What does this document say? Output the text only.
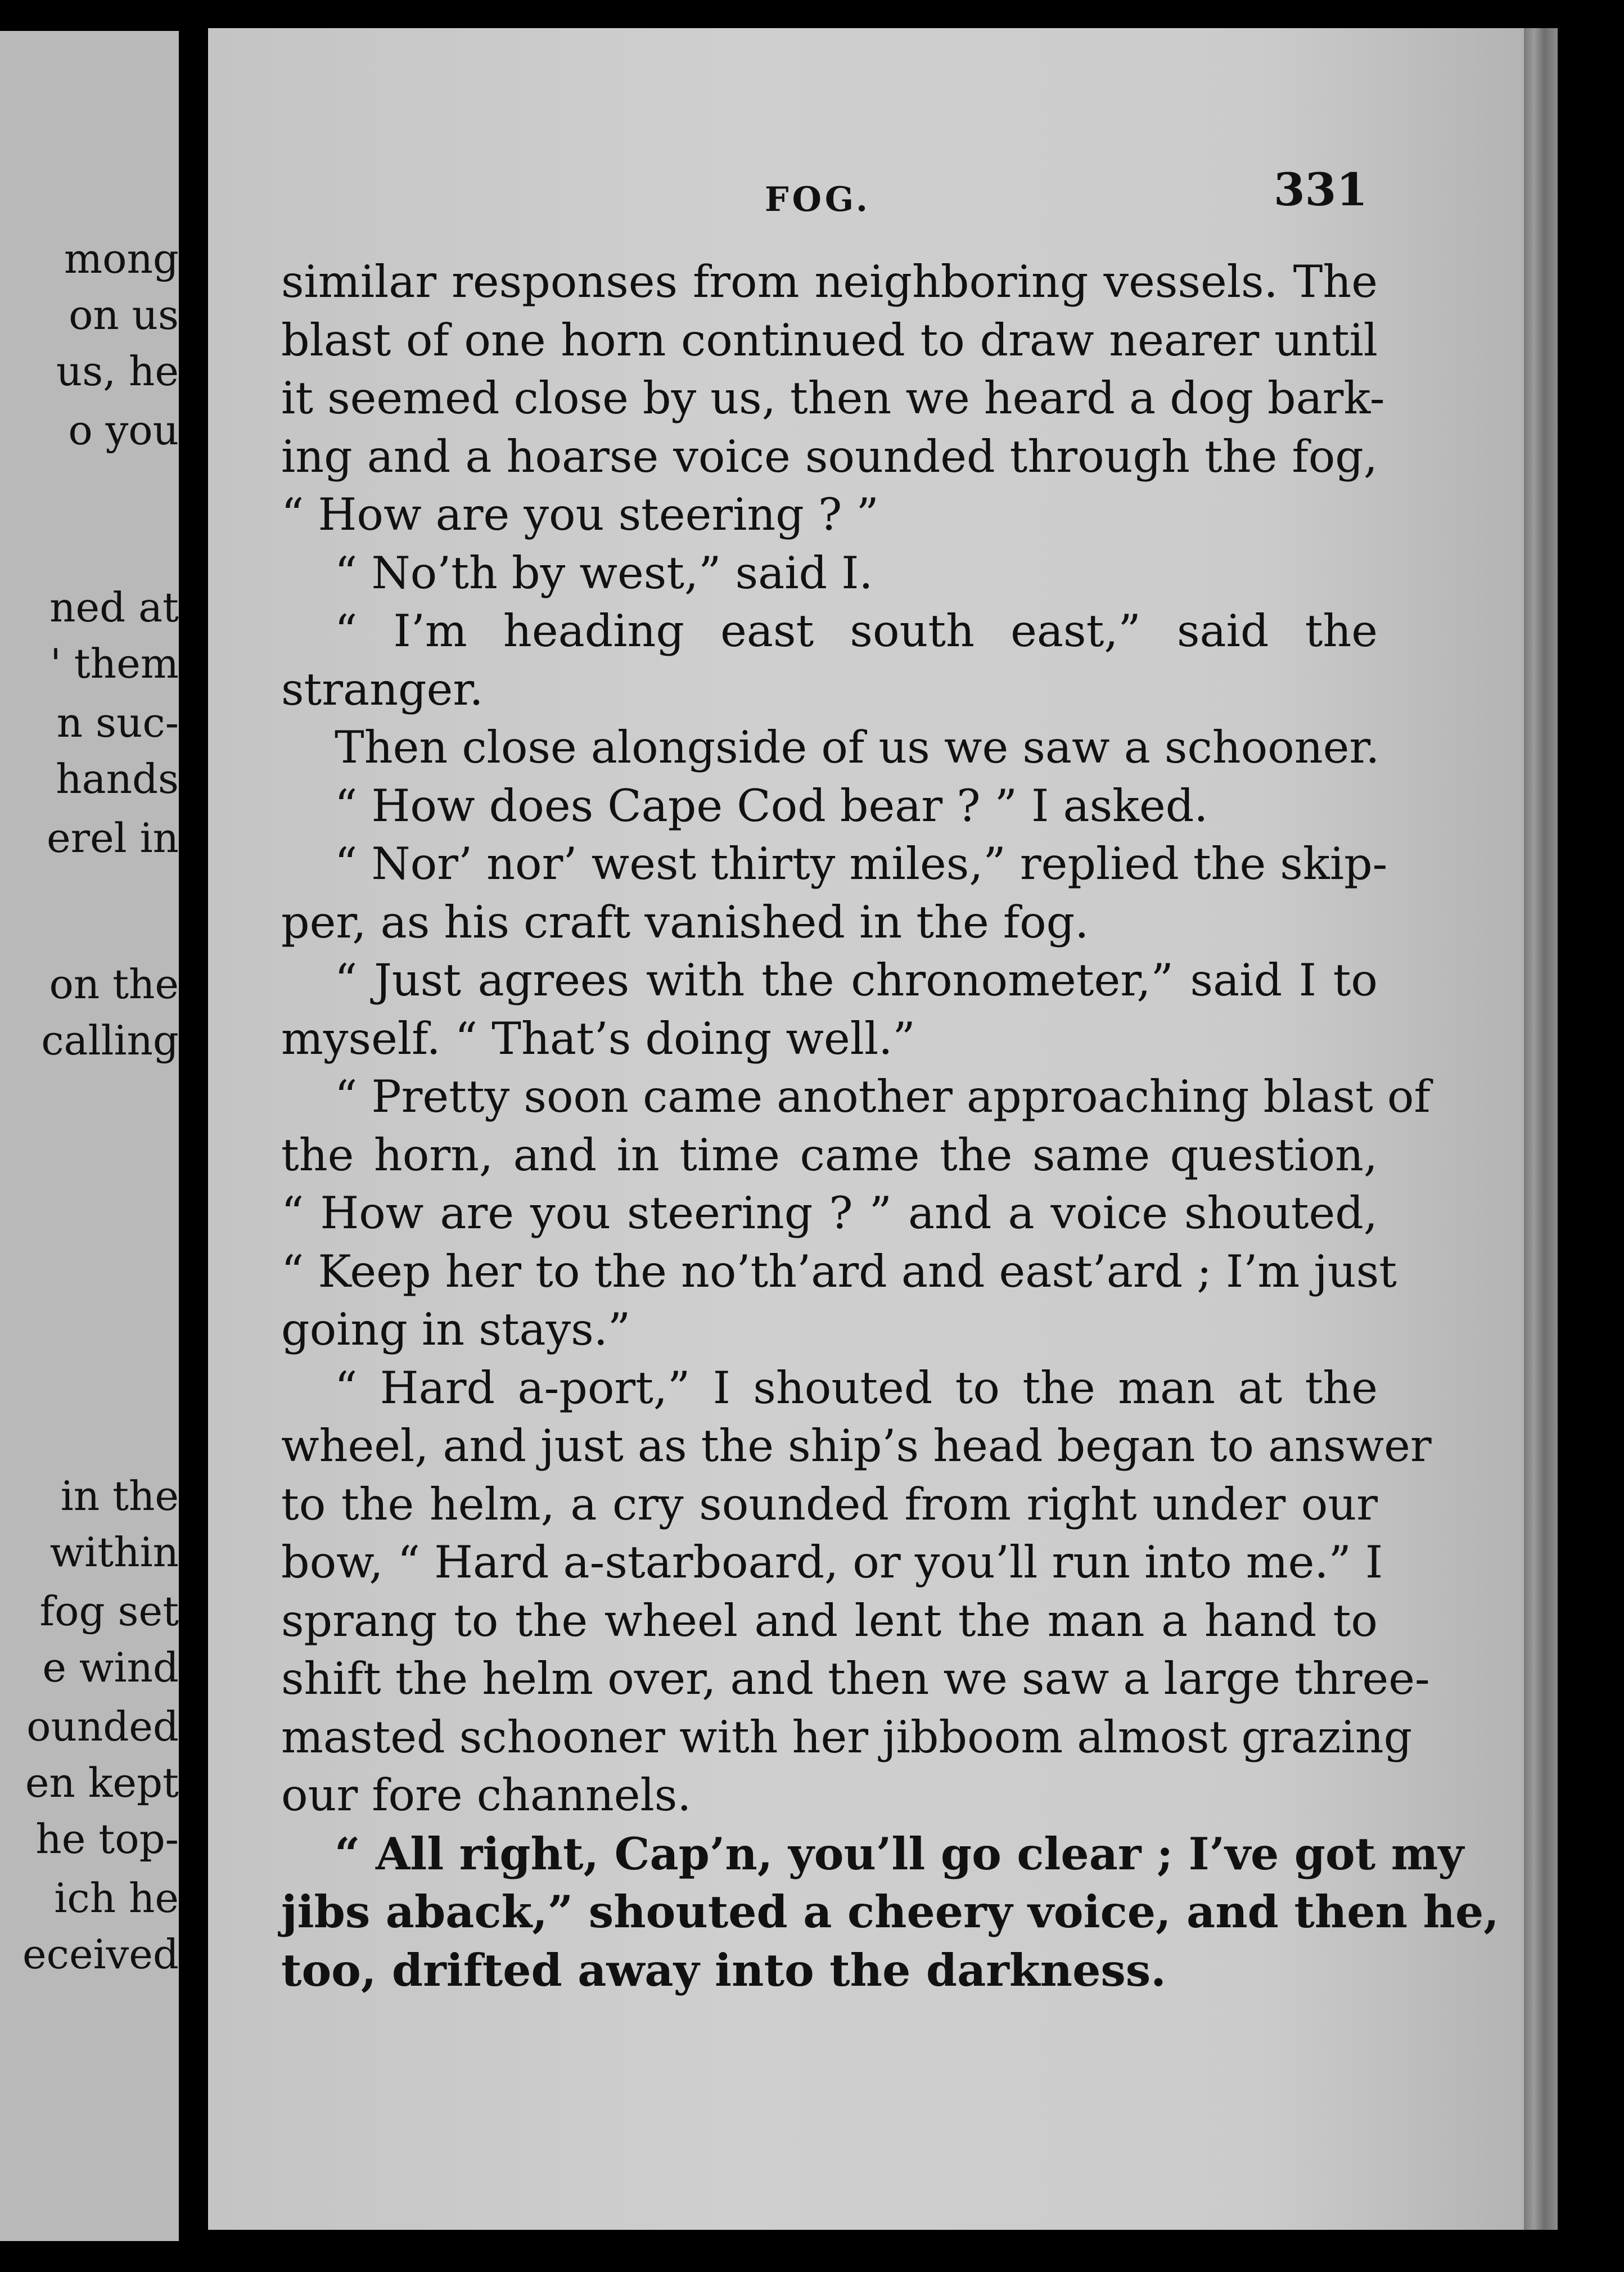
mong
on us
us, he
o you
ned at
' them
n suc-
hands
erel in
on the
calling
in the
within
fog set
e wind
ounded
en kept
he top-
ich he
eceived
FOG.	331
similar responses from neighboring vessels. The
blast of one horn continued to draw nearer until
it seemed close by us, then we heard a dog bark-
ing and a hoarse voice sounded through the fog,
“ How are you steering ? ”
“ No’th by west,” said I.
“ I’m heading east south east,” said the
stranger.
Then close alongside of us we saw a schooner.
“ How does Cape Cod bear ? ” I asked.
“ Nor’ nor’ west thirty miles,” replied the skip-
per, as his craft vanished in the fog.
“ Just agrees with the chronometer,” said I to
myself. “ That’s doing well.”
“ Pretty soon came another approaching blast of
the horn, and in time came the same question,
“ How are you steering ? ” and a voice shouted,
“ Keep her to the no’th’ard and east’ard ; I’m just
going in stays.”
“ Hard a-port,” I shouted to the man at the
wheel, and just as the ship’s head began to answer
to the helm, a cry sounded from right under our
bow, “ Hard a-starboard, or you’ll run into me.” I
sprang to the wheel and lent the man a hand to
shift the helm over, and then we saw a large three-
masted schooner with her jibboom almost grazing
our fore channels.
“ All right, Cap’n, you’ll go clear ; I’ve got my
jibs aback,” shouted a cheery voice, and then he,
too, drifted away into the darkness.
